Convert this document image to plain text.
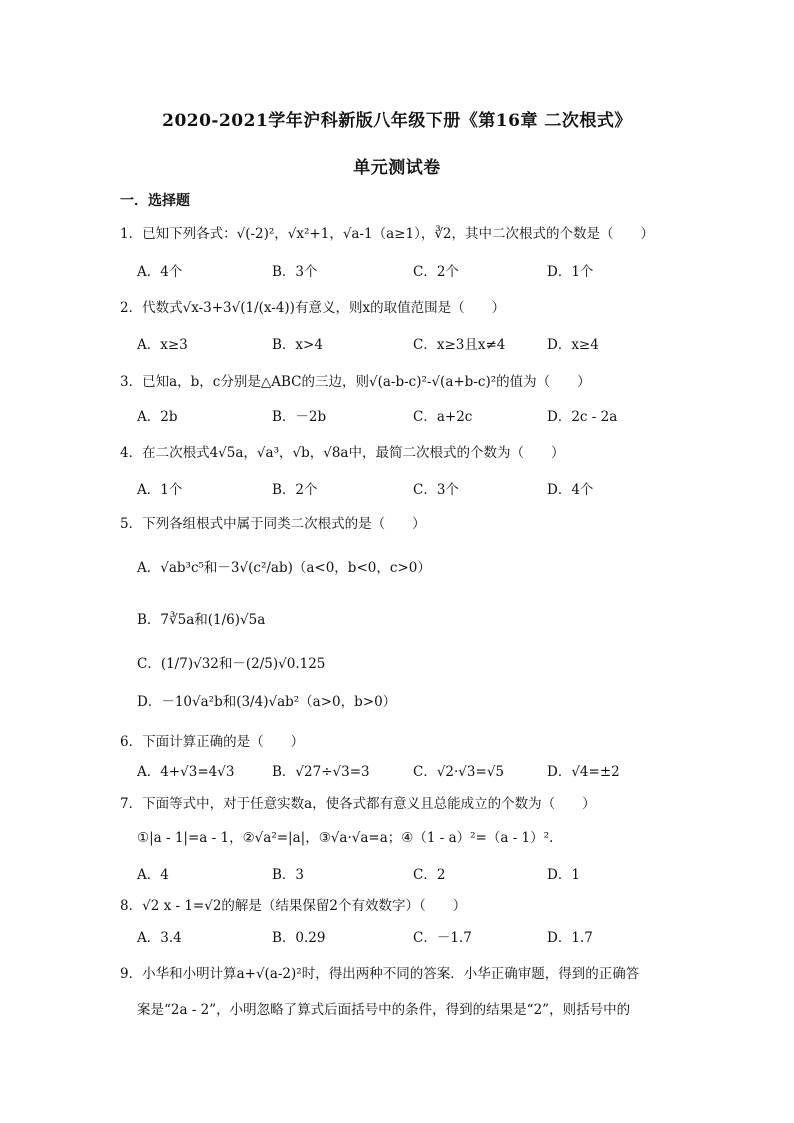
2020-2021学年沪科新版八年级下册《第16章 二次根式》
单元测试卷
一．选择题
1．已知下列各式：√(-2)²，√x²+1，√a-1（a≥1），∛2，其中二次根式的个数是（　　）
A．4个	B．3个	C．2个	D．1个
2．代数式√x-3+3√(1/(x-4))有意义，则x的取值范围是（　　）
A．x≥3	B．x>4	C．x≥3且x≠4	D．x≥4
3．已知a，b，c分别是△ABC的三边，则√(a-b-c)²-√(a+b-c)²的值为（　　）
A．2b	B．－2b	C．a+2c	D．2c - 2a
4．在二次根式4√5a，√a³，√b，√8a中，最简二次根式的个数为（　　）
A．1个	B．2个	C．3个	D．4个
5．下列各组根式中属于同类二次根式的是（　　）
A．√ab³c⁵和－3√(c²/ab)（a<0，b<0，c>0）
B．7∛5a和(1/6)√5a
C．(1/7)√32和－(2/5)√0.125
D．－10√a²b和(3/4)√ab²（a>0，b>0）
6．下面计算正确的是（　　）
A．4+√3=4√3	B．√27÷√3=3	C．√2·√3=√5	D．√4=±2
7．下面等式中，对于任意实数a，使各式都有意义且总能成立的个数为（　　）
①|a - 1|=a - 1，②√a²=|a|，③√a·√a=a；④（1 - a）²=（a - 1）².
A．4	B．3	C．2	D．1
8．√2 x - 1=√2的解是（结果保留2个有效数字）（　　）
A．3.4	B．0.29	C．－1.7	D．1.7
9．小华和小明计算a+√(a-2)²时，得出两种不同的答案．小华正确审题，得到的正确答
案是“2a - 2”，小明忽略了算式后面括号中的条件，得到的结果是“2”，则括号中的
